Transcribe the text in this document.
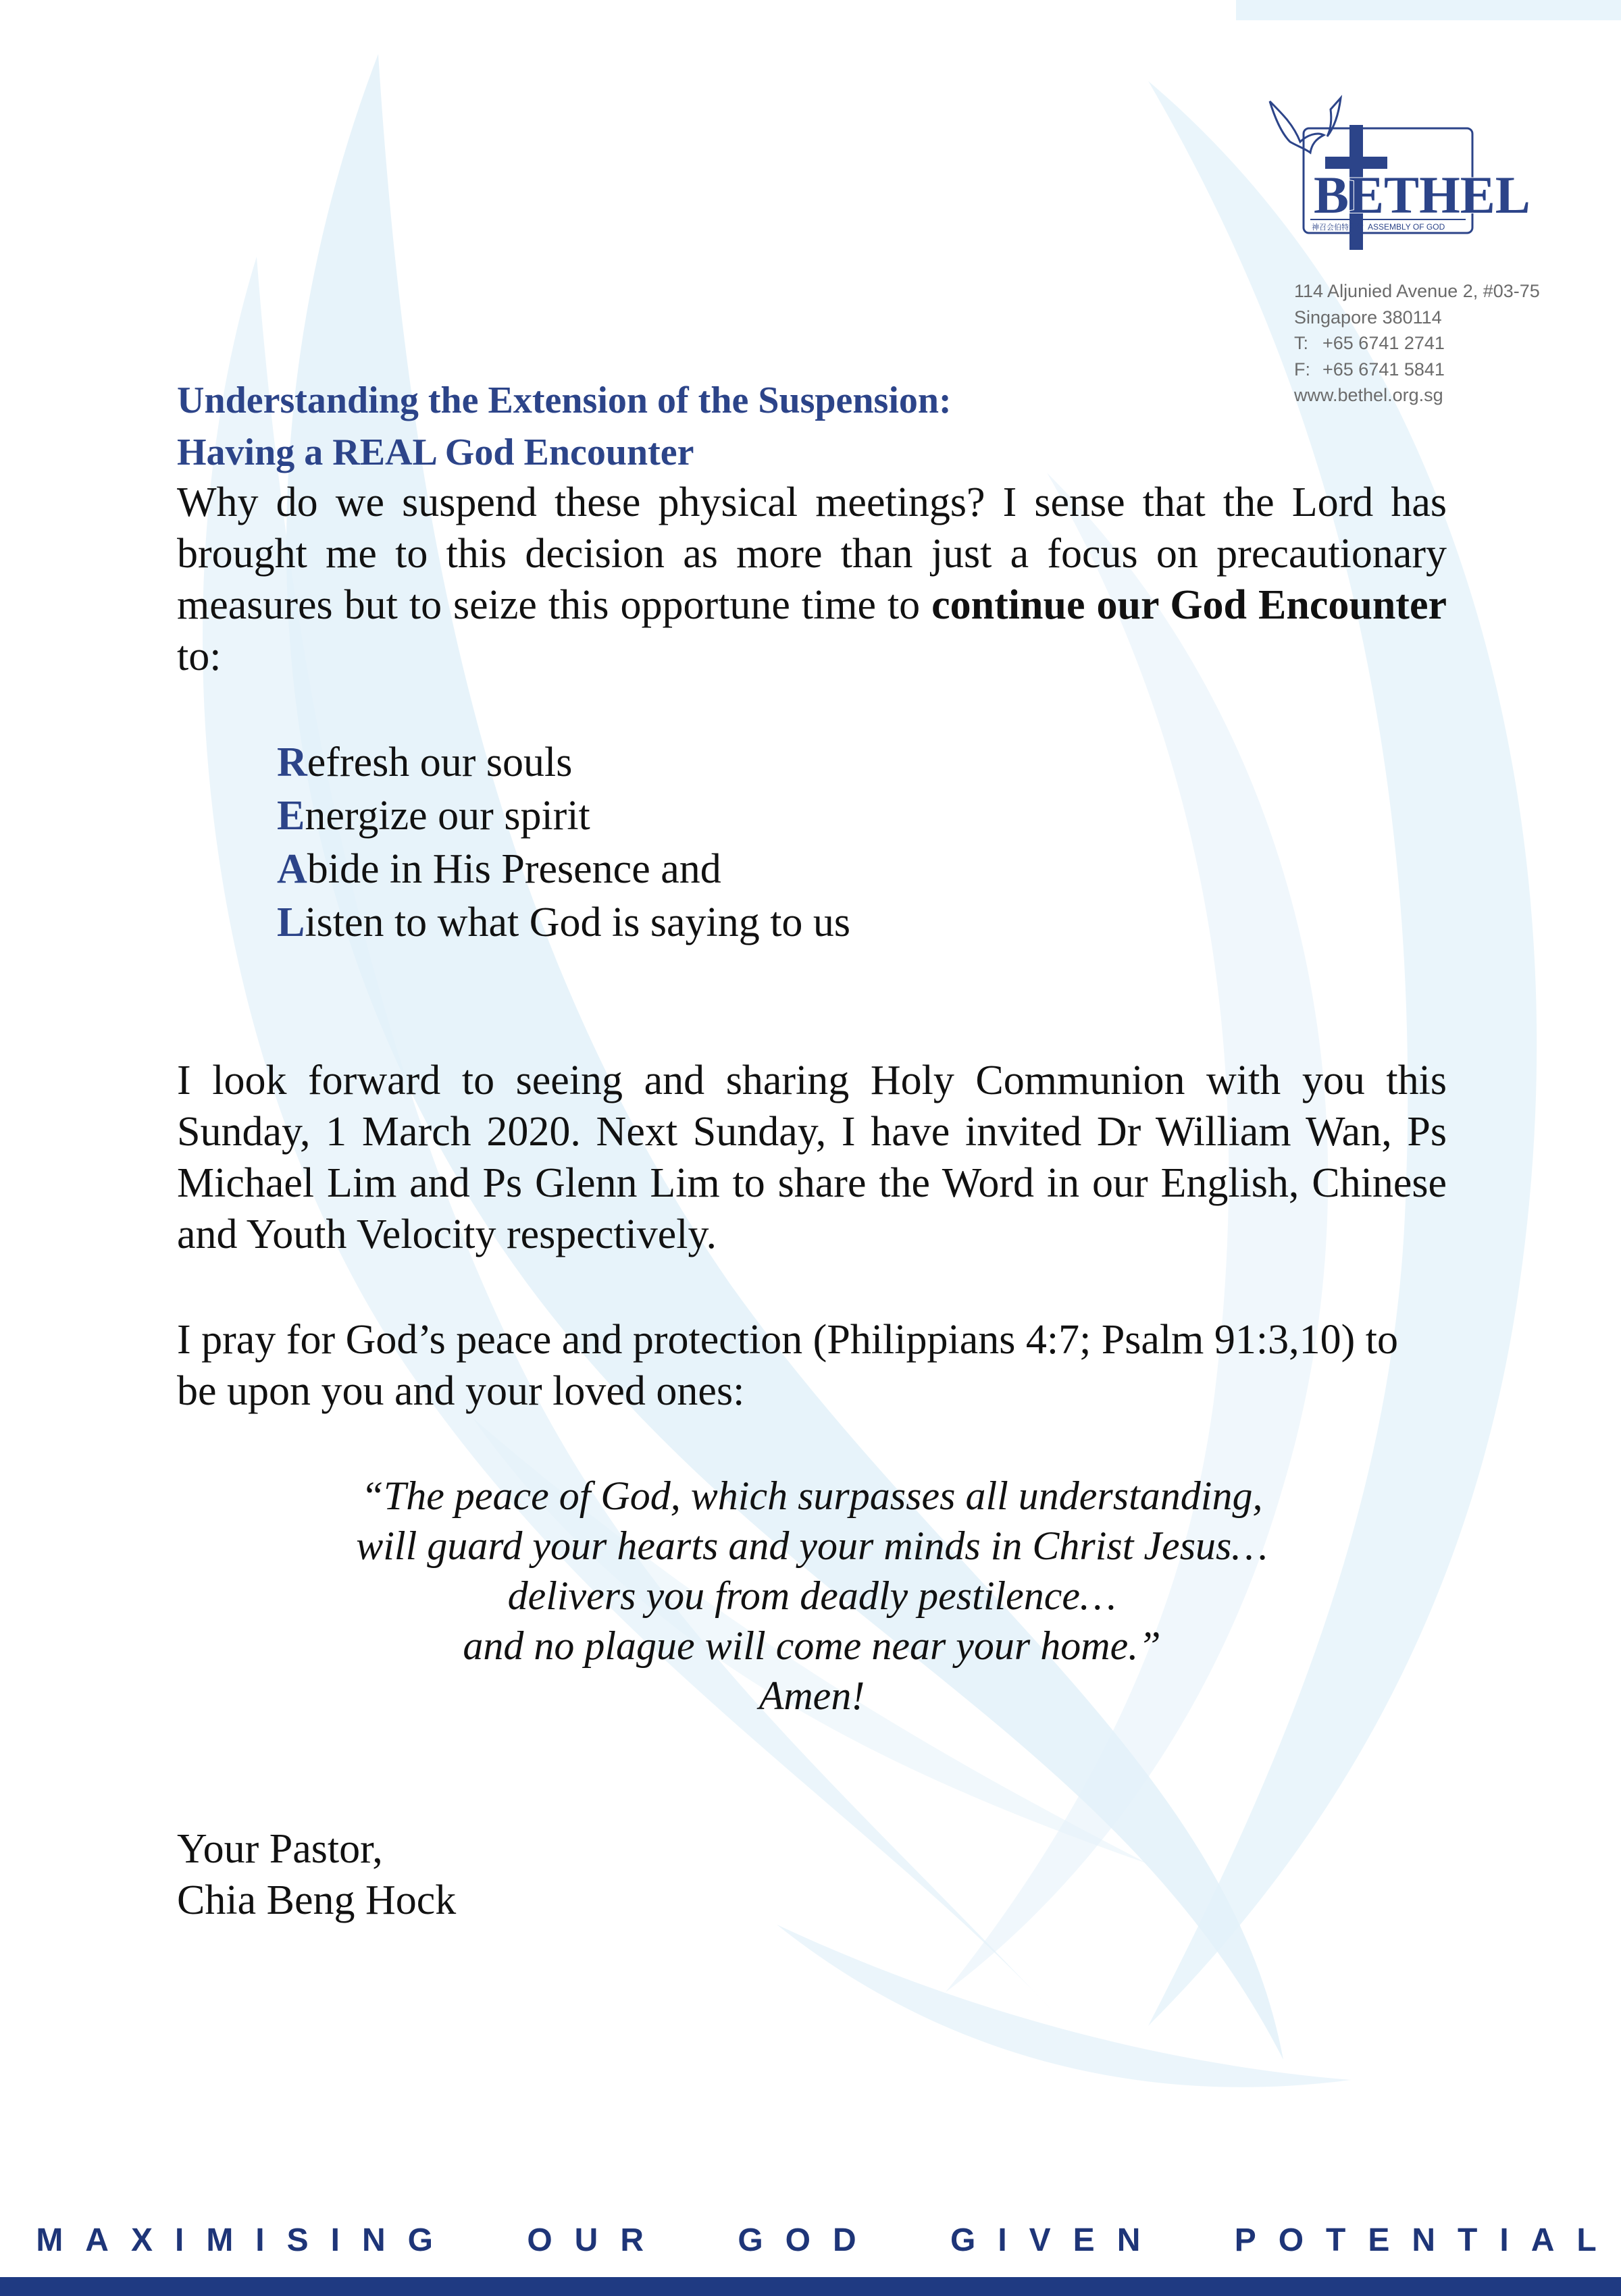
BETHEL
神召会伯特利堂 ASSEMBLY OF GOD
114 Aljunied Avenue 2, #03-75
Singapore 380114
T: +65 6741 2741
F: +65 6741 5841
www.bethel.org.sg
Understanding the Extension of the Suspension:
Having a REAL God Encounter
Why do we suspend these physical meetings? I sense that the Lord has brought me to this decision as more than just a focus on precautionary measures but to seize this opportune time to continue our God Encounter to:
Refresh our souls
Energize our spirit
Abide in His Presence and
Listen to what God is saying to us
I look forward to seeing and sharing Holy Communion with you this Sunday, 1 March 2020. Next Sunday, I have invited Dr William Wan, Ps Michael Lim and Ps Glenn Lim to share the Word in our English, Chinese and Youth Velocity respectively.
I pray for God’s peace and protection (Philippians 4:7; Psalm 91:3,10) to be upon you and your loved ones:
“The peace of God, which surpasses all understanding,
will guard your hearts and your minds in Christ Jesus…
delivers you from deadly pestilence…
and no plague will come near your home.”
Amen!
Your Pastor,
Chia Beng Hock
MAXIMISING OUR GOD GIVEN POTENTIAL
